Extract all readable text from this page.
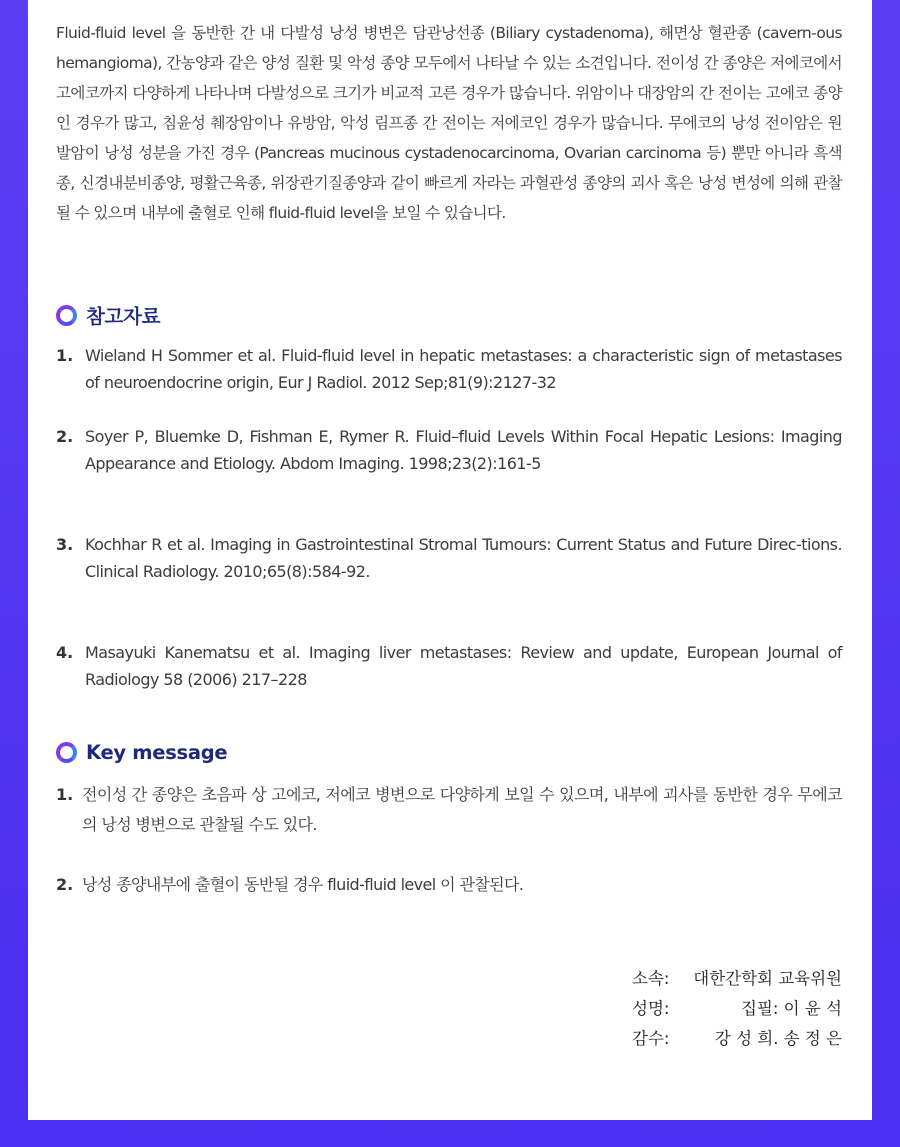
Fluid-fluid level 을 동반한 간 내 다발성 낭성 병변은 담관낭선종 (Biliary cystadenoma), 해면상 혈관종 (cavern-ous hemangioma), 간농양과 같은 양성 질환 및 악성 종양 모두에서 나타날 수 있는 소견입니다. 전이성 간 종양은 저에코에서 고에코까지 다양하게 나타나며 다발성으로 크기가 비교적 고른 경우가 많습니다. 위암이나 대장암의 간 전이는 고에코 종양인 경우가 많고, 침윤성 췌장암이나 유방암, 악성 림프종 간 전이는 저에코인 경우가 많습니다. 무에코의 낭성 전이암은 원발암이 낭성 성분을 가진 경우 (Pancreas mucinous cystadenocarcinoma, Ovarian carcinoma 등) 뿐만 아니라 흑색종, 신경내분비종양, 평활근육종, 위장관기질종양과 같이 빠르게 자라는 과혈관성 종양의 괴사 혹은 낭성 변성에 의해 관찰될 수 있으며 내부에 출혈로 인해 fluid-fluid level을 보일 수 있습니다.

참고자료
1. Wieland H Sommer et al. Fluid-fluid level in hepatic metastases: a characteristic sign of metastases of neuroendocrine origin, Eur J Radiol. 2012 Sep;81(9):2127-32
2. Soyer P, Bluemke D, Fishman E, Rymer R. Fluid–fluid Levels Within Focal Hepatic Lesions: Imaging Appearance and Etiology. Abdom Imaging. 1998;23(2):161-5
3. Kochhar R et al. Imaging in Gastrointestinal Stromal Tumours: Current Status and Future Direc-tions. Clinical Radiology. 2010;65(8):584-92.
4. Masayuki Kanematsu et al. Imaging liver metastases: Review and update, European Journal of Radiology 58 (2006) 217–228
Key message
1. 전이성 간 종양은 초음파 상 고에코, 저에코 병변으로 다양하게 보일 수 있으며, 내부에 괴사를 동반한 경우 무에코의 낭성 병변으로 관찰될 수도 있다.
2. 낭성 종양내부에 출혈이 동반될 경우 fluid-fluid level 이 관찰된다.
소속:	대한간학회 교육위원
성명:	집필: 이 윤 석
감수:	강 성 희. 송 정 은
